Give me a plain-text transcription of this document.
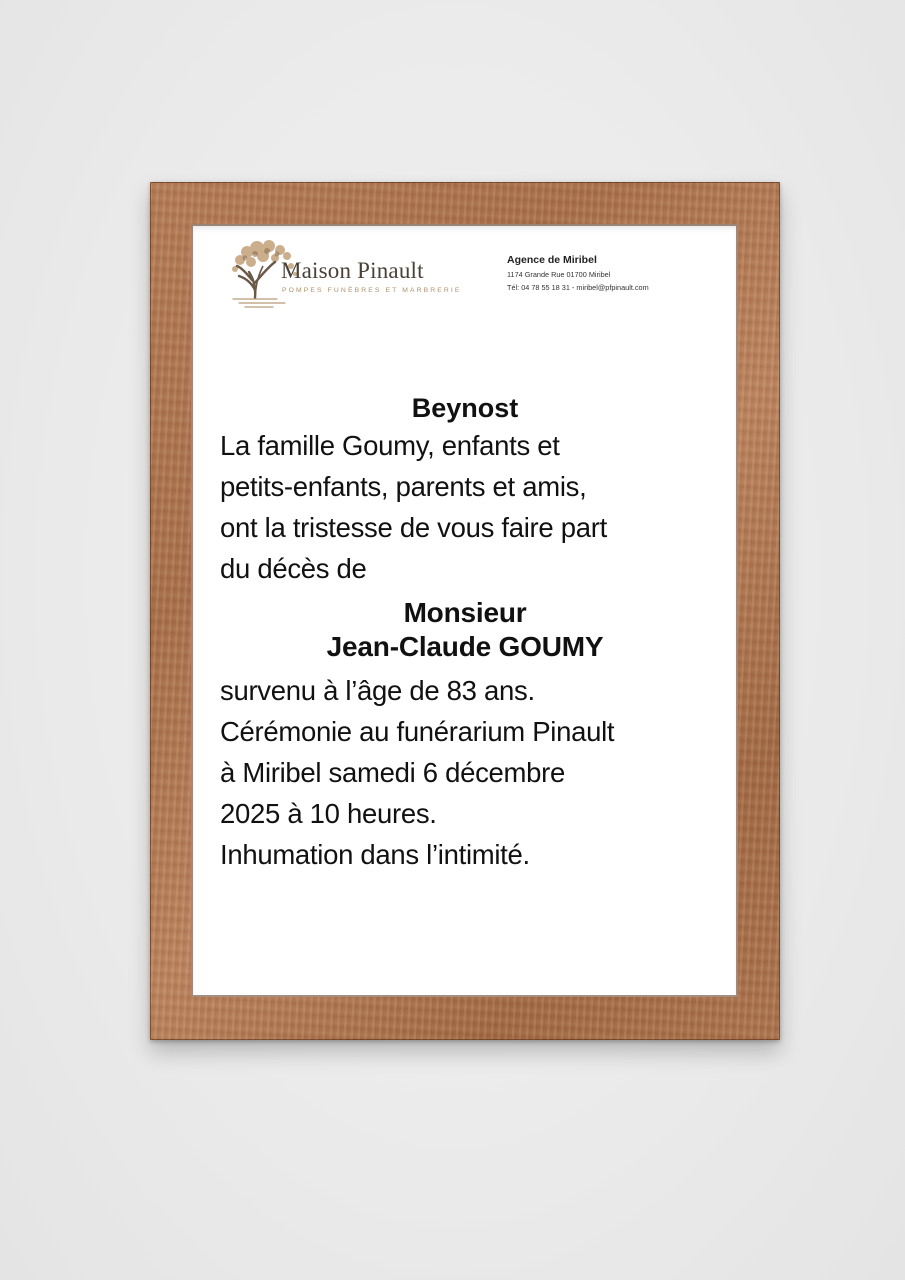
Maison Pinault
POMPES FUNÈBRES ET MARBRERIE
Agence de Miribel
1174 Grande Rue 01700 Miribel
Tél: 04 78 55 18 31 - miribel@pfpinault.com
Beynost
La famille Goumy, enfants et
petits-enfants, parents et amis,
ont la tristesse de vous faire part
du décès de
Monsieur
Jean-Claude GOUMY
survenu à l’âge de 83 ans.
Cérémonie au funérarium Pinault
à Miribel samedi 6 décembre
2025 à 10 heures.
Inhumation dans l’intimité.
